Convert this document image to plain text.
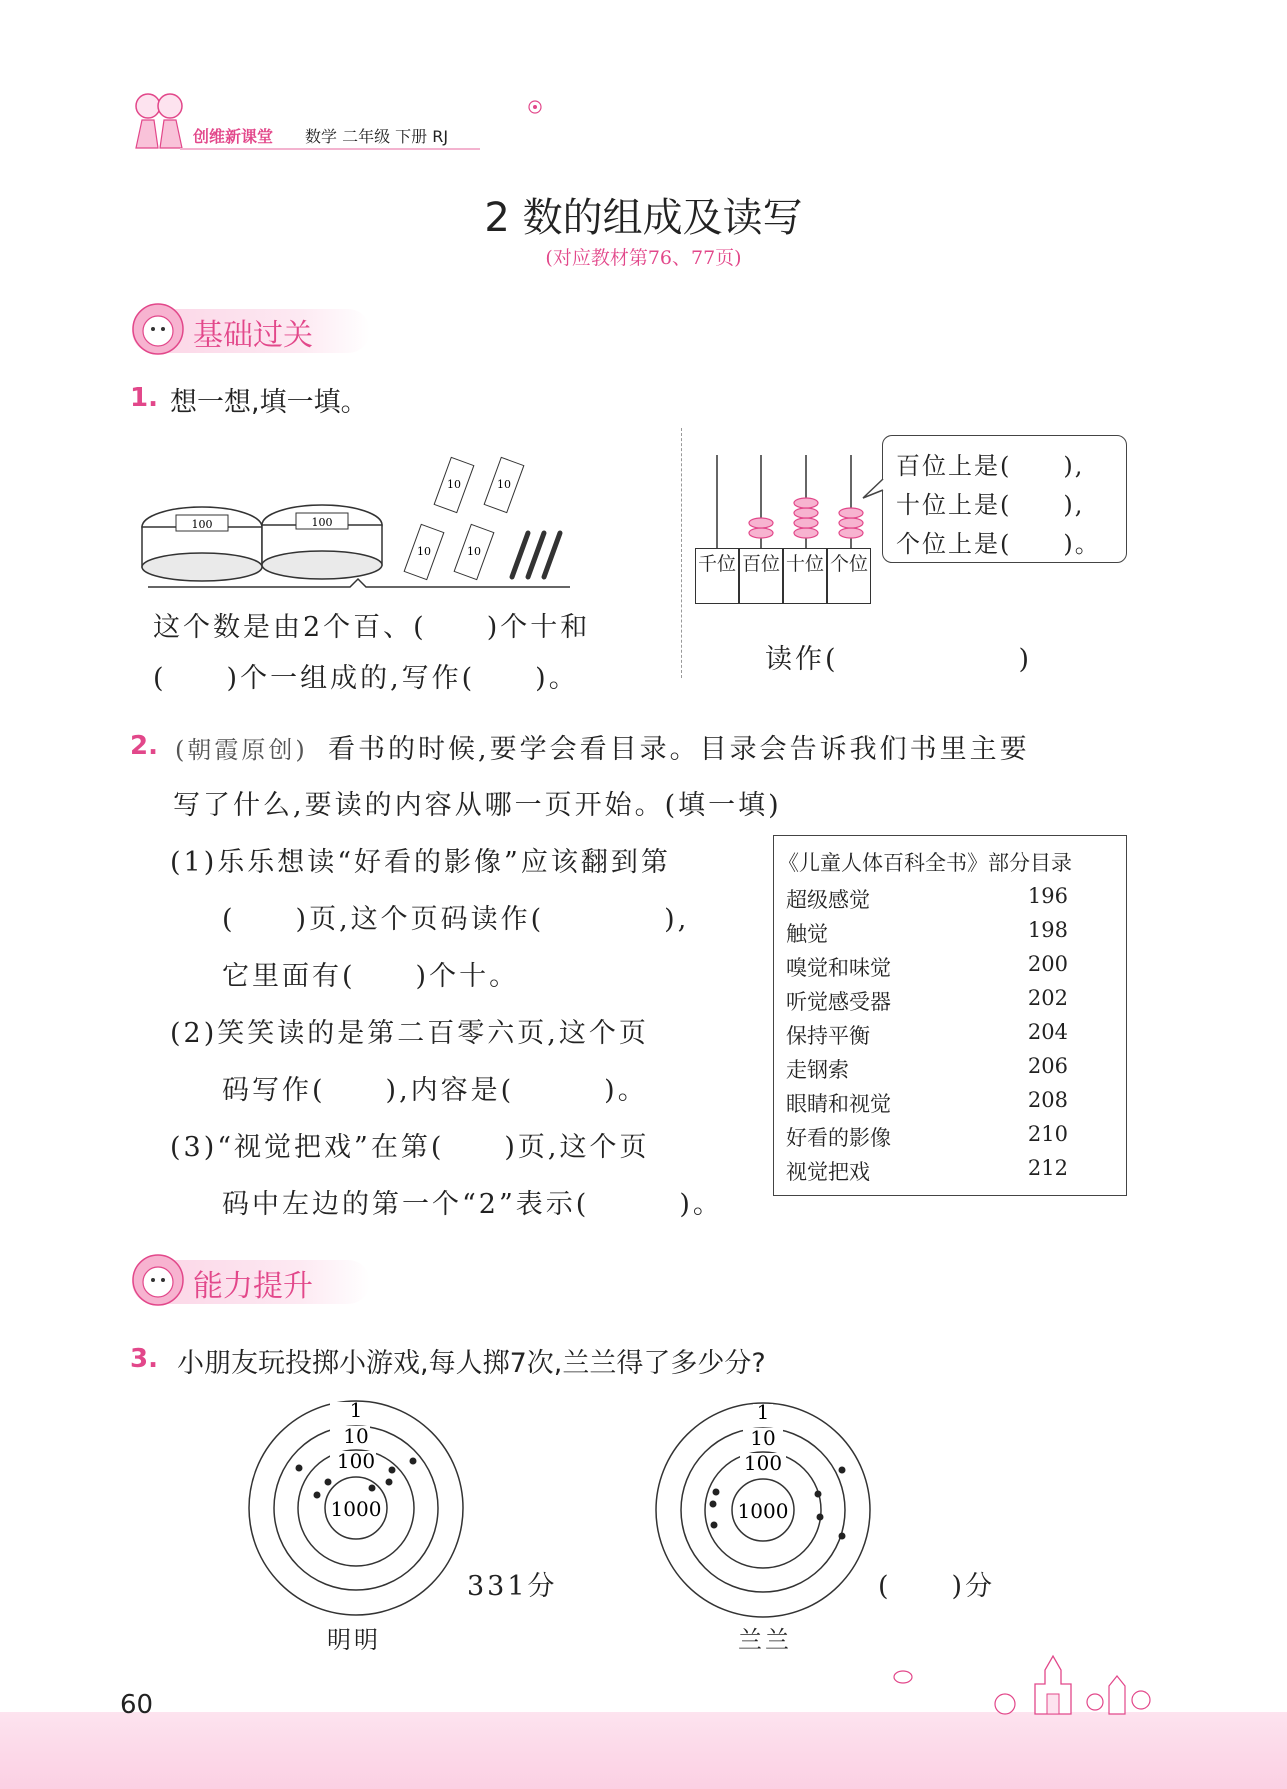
创维新课堂 数学 二年级 下册 RJ
2 数的组成及读写
(对应教材第76、77页)
基础过关
1. 想一想,填一填。
100	100
10	10
10	10
这个数是由2个百、(　　)个十和
(　　)个一组成的,写作(　　)。
千位 百位 十位 个位
百位上是(　　),
十位上是(　　),
个位上是(　　)。
读作(　　　　　　)
2. (朝霞原创) 看书的时候,要学会看目录。目录会告诉我们书里主要
写了什么,要读的内容从哪一页开始。(填一填)
(1)乐乐想读“好看的影像”应该翻到第
(　　)页,这个页码读作(　　　　),
它里面有(　　)个十。
(2)笑笑读的是第二百零六页,这个页
码写作(　　),内容是(　　　)。
(3)“视觉把戏”在第(　　)页,这个页
码中左边的第一个“2”表示(　　　)。
《儿童人体百科全书》部分目录
超级感觉	196
触觉	198
嗅觉和味觉	200
听觉感受器	202
保持平衡	204
走钢索	206
眼睛和视觉	208
好看的影像	210
视觉把戏	212
能力提升
3. 小朋友玩投掷小游戏,每人掷7次,兰兰得了多少分?
1
10
100
1000
331分
明明
1
10
100
1000
(　　)分
兰兰
60
